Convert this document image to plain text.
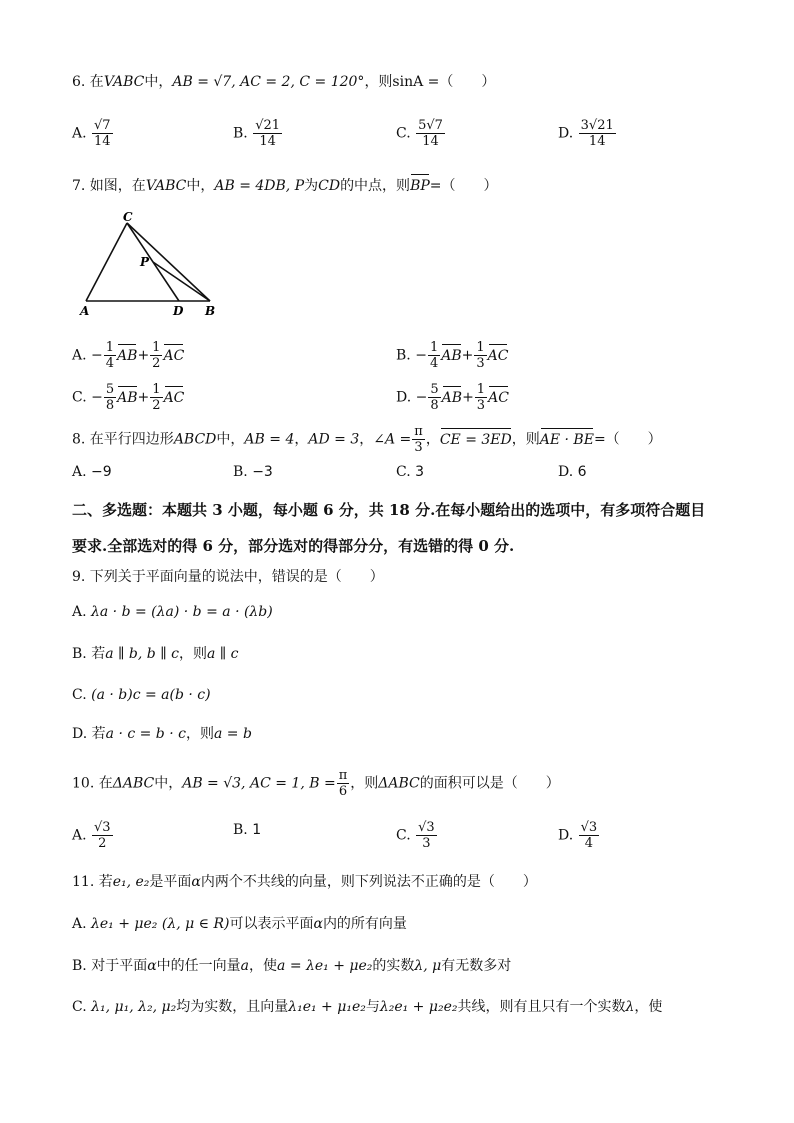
6. 在VABC中，AB = √7, AC = 2, C = 120°，则sinA =（　　）
A. $\frac{√7}{14}$	B. $\frac{√21}{14}$	C. $\frac{5√7}{14}$	D. $\frac{3√21}{14}$
7. 如图，在VABC中，AB = 4DB, P为CD的中点，则BP=（　　）
C
P
A	D B
A. − $\frac{1}{4} AB+ \frac{1}{2}$ AC	B. − $\frac{1}{4} AB+ \frac{1}{3}$ AC
C. − $\frac{5}{8} AB+ \frac{1}{2}$ AC	D. − $\frac{5}{8} AB+ \frac{1}{3}$ AC
8. 在平行四边形ABCD中，AB = 4，AD = 3，∠A = $\frac{\pi}{3}$ ，CE = 3ED，则AE · BE=（　　）
A. −9	B. −3	C. 3	D. 6
二、多选题：本题共 3 小题，每小题 6 分，共 18 分.在每小题给出的选项中，有多项符合题目
要求.全部选对的得 6 分，部分选对的得部分分，有选错的得 0 分.
9. 下列关于平面向量的说法中，错误的是（　　）
A. λa · b = (λa) · b = a · (λb)
B. 若a ∥ b, b ∥ c，则a ∥ c
C. (a · b)c = a(b · c)
D. 若a · c = b · c，则a = b
10. 在ΔABC中，AB = √3, AC = 1, $B = \frac{\pi}{6}$ ，则ΔABC的面积可以是（　　）
A. $\frac{√3}{2}$	B. 1	C. $\frac{√3}{3}$	D. $\frac{√3}{4}$
11. 若e₁, e₂是平面α内两个不共线的向量，则下列说法不正确的是（　　）
A. λe₁ + μe₂ (λ, μ ∈ R)可以表示平面α内的所有向量
B. 对于平面α中的任一向量a，使a = λe₁ + μe₂的实数λ, μ有无数多对
C. λ₁, μ₁, λ₂, μ₂均为实数，且向量λ₁e₁ + μ₁e₂与λ₂e₁ + μ₂e₂共线，则有且只有一个实数λ，使
